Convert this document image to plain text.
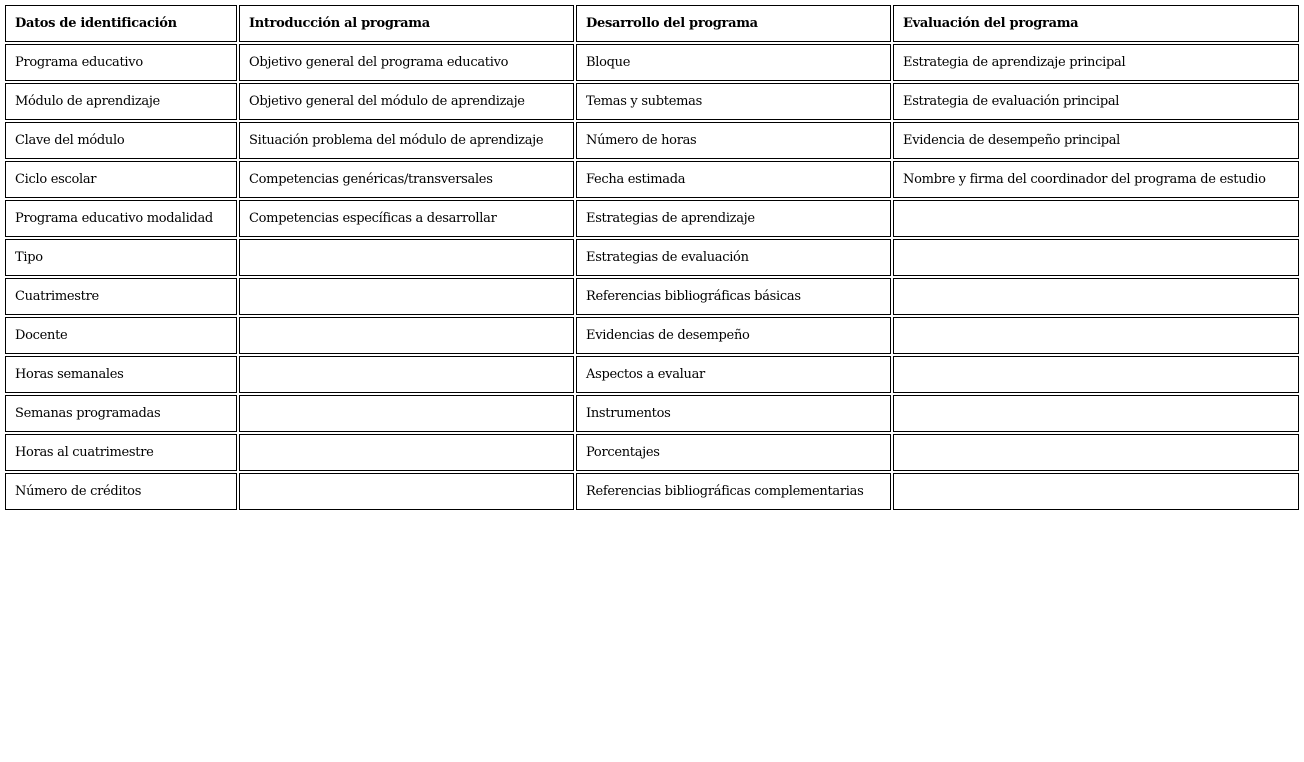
Datos de identificación	Introducción al programa	Desarrollo del programa	Evaluación del programa
Programa educativo	Objetivo general del programa educativo	Bloque	Estrategia de aprendizaje principal
Módulo de aprendizaje	Objetivo general del módulo de aprendizaje	Temas y subtemas	Estrategia de evaluación principal
Clave del módulo	Situación problema del módulo de aprendizaje	Número de horas	Evidencia de desempeño principal
Ciclo escolar	Competencias genéricas/transversales	Fecha estimada	Nombre y firma del coordinador del programa de estudio
Programa educativo modalidad	Competencias específicas a desarrollar	Estrategias de aprendizaje	
Tipo		Estrategias de evaluación	
Cuatrimestre		Referencias bibliográficas básicas	
Docente		Evidencias de desempeño	
Horas semanales		Aspectos a evaluar	
Semanas programadas		Instrumentos	
Horas al cuatrimestre		Porcentajes	
Número de créditos		Referencias bibliográficas complementarias	
